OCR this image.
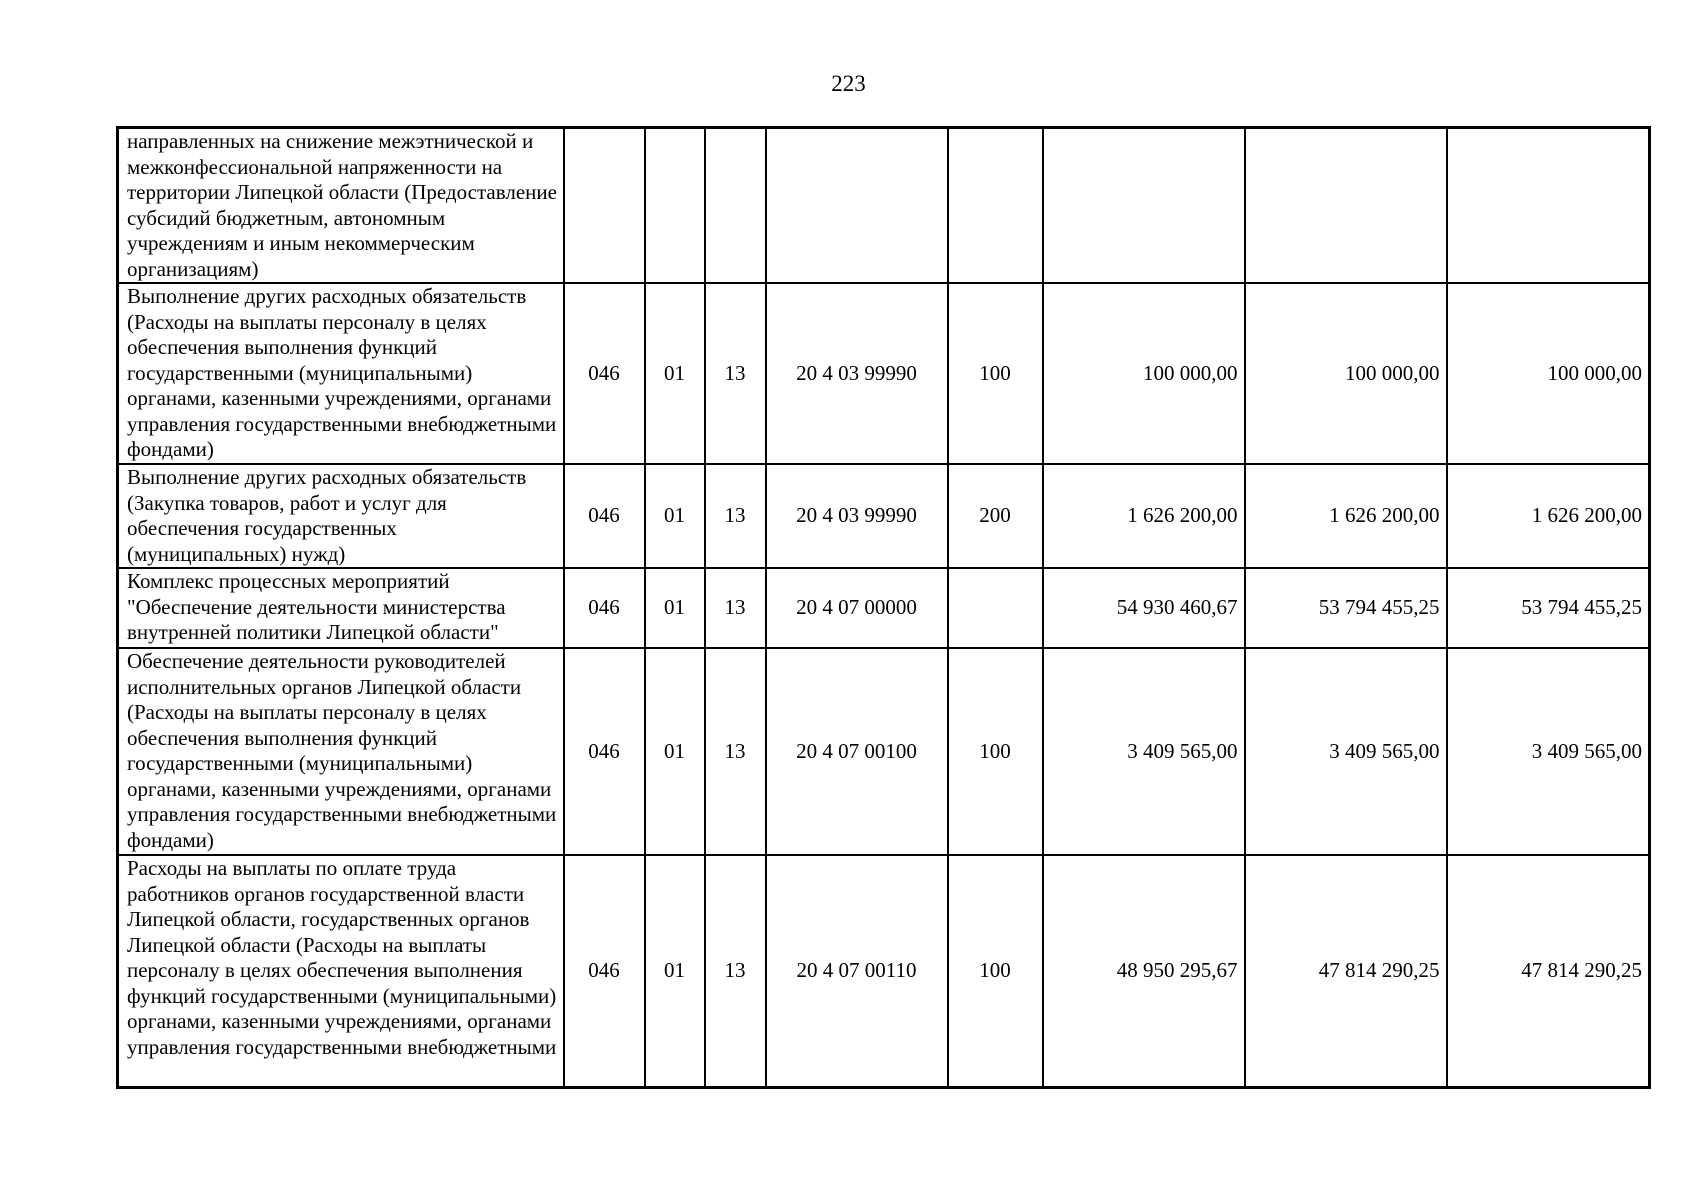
223
направленных на снижение межэтнической и межконфессиональной напряженности на территории Липецкой области (Предоставление субсидий бюджетным, автономным учреждениям и иным некоммерческим организациям)								
Выполнение других расходных обязательств (Расходы на выплаты персоналу в целях обеспечения выполнения функций государственными (муниципальными) органами, казенными учреждениями, органами управления государственными внебюджетными фондами)	046	01	13	20 4 03 99990	100	100 000,00	100 000,00	100 000,00
Выполнение других расходных обязательств (Закупка товаров, работ и услуг для обеспечения государственных (муниципальных) нужд)	046	01	13	20 4 03 99990	200	1 626 200,00	1 626 200,00	1 626 200,00
Комплекс процессных мероприятий "Обеспечение деятельности министерства внутренней политики Липецкой области"	046	01	13	20 4 07 00000		54 930 460,67	53 794 455,25	53 794 455,25
Обеспечение деятельности руководителей исполнительных органов Липецкой области (Расходы на выплаты персоналу в целях обеспечения выполнения функций государственными (муниципальными) органами, казенными учреждениями, органами управления государственными внебюджетными фондами)	046	01	13	20 4 07 00100	100	3 409 565,00	3 409 565,00	3 409 565,00
Расходы на выплаты по оплате труда работников органов государственной власти Липецкой области, государственных органов Липецкой области (Расходы на выплаты персоналу в целях обеспечения выполнения функций государственными (муниципальными) органами, казенными учреждениями, органами управления государственными внебюджетными	046	01	13	20 4 07 00110	100	48 950 295,67	47 814 290,25	47 814 290,25
